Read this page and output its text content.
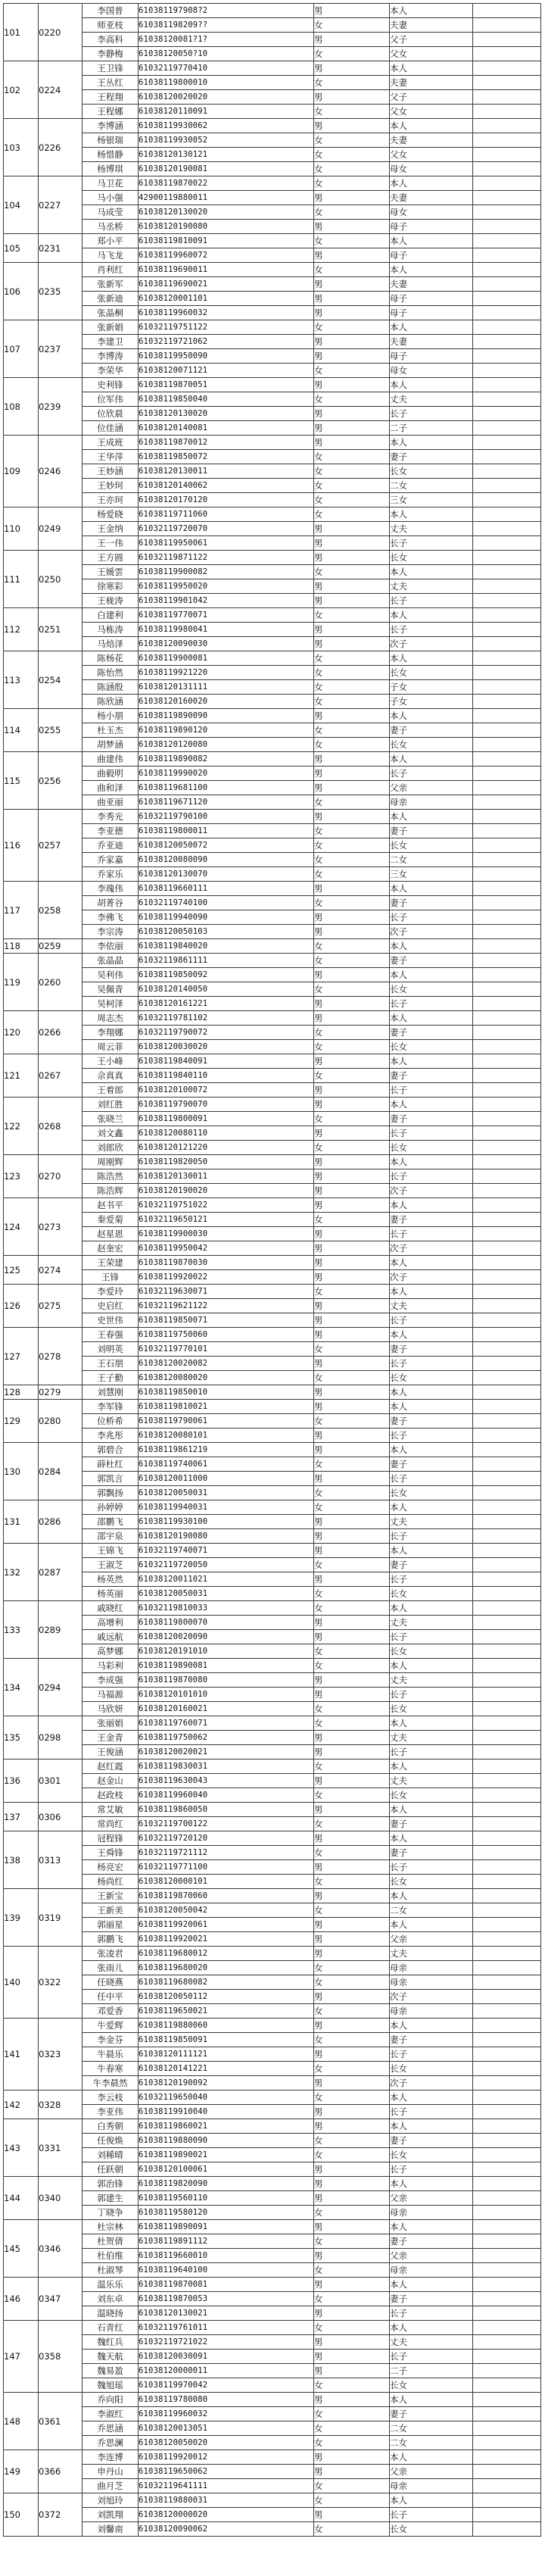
101	0220	李国普	610381197908?2	男	本人	
		师亚枝	610381198209??	女	夫妻	
		李高科	61038120081?1?	男	父子	
		李静梅	61038120050?10	女	父女	
102	0224	王卫锋	61032119770410	男	本人	
		王丛红	61038119800010	女	夫妻	
		王程翔	61038120020020	男	父子	
		王程娜	61038120110091	女	父女	
103	0226	李博涵	61038119930062	男	本人	
		杨银瑞	61038119930052	女	夫妻	
		杨惜静	61038120130121	女	父女	
		杨博琪	61038120190081	女	母女	
104	0227	马卫花	61038119870022	女	本人	
		马小强	42900119880011	男	夫妻	
		马成莹	61038120130020	女	母女	
		马丞桥	61038120190080	男	母子	
105	0231	郑小平	61038119810091	女	本人	
		马飞龙	61038119960072	男	母子	
106	0235	肖利红	61038119690011	女	本人	
		张新军	61038119690021	男	夫妻	
		张新迪	61038120001101	男	母子	
		张晶桐	61038119960032	男	母子	
107	0237	张新娟	61032119751122	女	本人	
		李建卫	61032119721062	男	夫妻	
		李博涛	61038119950090	男	母子	
		李荣华	61038120071121	女	母女	
108	0239	史利锋	61038119870051	男	本人	
		位军伟	61038119850040	女	丈夫	
		位欣晨	61038120130020	男	长子	
		位佳涵	61038120140081	男	二子	
109	0246	王成班	61038119870012	男	本人	
		王华萍	61038119850072	女	妻子	
		王妙涵	61038120130011	女	长女	
		王妙珂	61038120140062	女	二女	
		王亦珂	61038120170120	女	三女	
110	0249	杨爱晓	61038119711060	女	本人	
		王金纳	61032119720070	男	丈夫	
		王一伟	61038119950061	男	长子	
111	0250	王方圆	61032119871122	男	长女	
		王媛雲	61038119900082	女	本人	
		徐寒彩	61038119950020	男	丈夫	
		王栊涛	61038119901042	男	长子	
112	0251	白建利	61038119770071	女	本人	
		马栋涛	61038119980041	男	长子	
		马焙泽	61038120090030	男	次子	
113	0254	陈杨花	61038119900081	女	本人	
		陈怡然	61038119921220	女	长女	
		陈涵殷	61038120131111	女	子女	
		陈欣涵	61038120160020	女	子女	
114	0255	杨小朋	61038119890090	男	本人	
		杜玉杰	61038119890120	女	妻子	
		胡梦涵	61038120120080	女	长女	
115	0256	曲建伟	61038119890082	男	本人	
		曲毅明	61038119990020	男	长子	
		曲和泽	61038119681100	男	父亲	
		曲亚丽	61038119671120	女	母亲	
116	0257	李秀光	61032119790100	男	本人	
		李亚德	61038119800011	女	妻子	
		乔亚迪	61038120050072	女	长女	
		乔家嘉	61038120080090	女	二女	
		乔家乐	61038120130070	女	三女	
117	0258	李瑰伟	61038119660111	男	本人	
		胡菁谷	61032119740100	女	妻子	
		李佛飞	61038119940090	男	长子	
		李宗涛	61038120050103	男	次子	
118	0259	李依丽	61038119840020	女	本人	
119	0260	张晶晶	61032119861111	女	妻子	
		吴利伟	61038119850092	男	本人	
		吴佩青	61038120140050	女	长女	
		吴柯泽	61038120161221	男	长子	
120	0266	周志杰	61032119781102	男	本人	
		李翔娜	61032119790072	女	妻子	
		周云菲	61038120030020	女	长女	
121	0267	王小峰	61038119840091	男	本人	
		佘真真	61038119840110	女	妻子	
		王着郎	61038120100072	男	长子	
122	0268	刘红胜	61038119790070	男	本人	
		张晓兰	61038119800091	女	妻子	
		刘文鑫	61038120080110	男	长子	
		刘郎欣	61038120121220	女	长女	
123	0270	周刚辉	61038119820050	男	本人	
		陈浩然	61038120130011	男	长子	
		陈浩辉	61038120190020	男	次子	
124	0273	赵书平	61032119751022	男	本人	
		秦爱菊	61032119650121	女	妻子	
		赵星恩	61038119900030	男	长子	
		赵奎宏	61038119950042	男	次子	
125	0274	王荣建	61038119870030	男	本人	
		王锋	61038119920022	男	次子	
126	0275	李爱玲	61032119630071	女	本人	
		史启红	61032119621122	男	丈夫	
		史世伟	61038119850071	男	长子	
127	0278	王春强	61038119750060	男	本人	
		刘明英	61032119770101	女	妻子	
		王石朋	61038120020082	男	长子	
		王子勤	61038120080020	女	长女	
128	0279	刘慧刚	61038119850010	男	本人	
129	0280	李军锋	61038119810021	男	本人	
		位桥希	61038119790061	女	妻子	
		李兆彤	61038120080101	男	长子	
130	0284	郭碧合	61038119861219	男	本人	
		薛杜红	61038119740061	女	妻子	
		郭凯言	61038120011000	男	长子	
		郭飘扬	61038120050031	女	长女	
131	0286	孙婷婷	61038119940031	女	本人	
		邵鹏飞	61038119930100	男	丈夫	
		邵宇泉	61038120190080	男	长子	
132	0287	王锦飞	61032119740071	男	本人	
		王淑芝	61032119720050	女	妻子	
		杨英然	61038120011021	男	长子	
		杨英丽	61038120050031	女	长女	
133	0289	戚晓红	61032119810033	女	本人	
		高增利	61038119800070	男	丈夫	
		戚远航	61038120020090	男	长子	
		高梦娜	61038120191010	女	长女	
134	0294	马彩利	61038119890081	女	本人	
		李成强	61038119870080	男	丈夫	
		马福源	61038120101010	男	长子	
		马欣妍	61038120160021	女	长女	
135	0298	张丽娟	61038119760071	女	本人	
		王金青	61038119750062	男	丈夫	
		王俊涵	61038120020021	男	长子	
136	0301	赵红霞	61038119830031	女	本人	
		赵金山	61038119630043	男	丈夫	
		赵政枝	61038119960040	女	长女	
137	0306	常艾敏	61038119860050	男	本人	
		常尚红	61032119700122	女	妻子	
138	0313	冠程锋	61032119720120	男	本人	
		王舜锋	61032119721112	女	妻子	
		杨亮宏	61032119771100	男	长子	
		杨尚红	61038120000101	女	长女	
139	0319	王新宝	61038119870060	男	本人	
		王新美	61038120050042	女	二女	
		郭丽星	61038119920061	男	本人	
		郭鹏飞	61038119920021	男	父亲	
140	0322	张凌君	61038119680012	男	丈夫	
		张雨儿	61038119680020	女	母亲	
		任晓燕	61038119680082	女	母亲	
		任中平	61038120050112	男	次子	
		邓爱香	61038119650021	女	母亲	
141	0323	牛爱辉	61038119880060	男	本人	
		李金芬	61038119850091	女	妻子	
		牛晨乐	61038120111121	男	长子	
		牛春寒	61038120141221	女	长女	
		牛李晨然	61038120190092	男	次子	
142	0328	李云枝	61032119650040	女	本人	
		李亚伟	61038119910040	男	长子	
143	0331	白秀朝	61038119860021	男	本人	
		任俊焕	61038119880090	女	妻子	
		刘稀晴	61038119890021	女	长女	
		任跃朝	61038120100061	男	长子	
144	0340	郭治锋	61038119820090	男	本人	
		郭建生	61038119560110	男	父亲	
		丁晓争	61038119580120	女	母亲	
145	0346	杜宗林	61038119890091	男	本人	
		杜贺倩	61038119891112	女	妻子	
		杜伯维	61038119660010	男	父亲	
		杜淑琴	61038119640100	女	母亲	
146	0347	温乐乐	61038119870081	男	本人	
		刘东卓	61038119870053	女	妻子	
		温晓扬	61038120130021	男	长子	
147	0358	石青红	61032119761011	女	本人	
		魏红兵	61032119721022	男	丈夫	
		魏天航	61038120030091	男	长子	
		魏易盈	61038120000011	男	二子	
		魏旭瑶	61038119970042	女	长女	
148	0361	乔向阳	61038119780080	男	本人	
		李淑红	61038119960032	女	妻子	
		乔思涵	61038120013051	女	二女	
		乔思澜	61038120050020	女	二女	
149	0366	李连博	61038119920012	男	本人	
		申丹山	61038119650062	男	父亲	
		曲月芝	61032119641111	女	母亲	
150	0372	刘旭玲	61038119880031	女	本人	
		刘凯翔	61038120000020	男	长子	
		刘馨南	61038120090062	女	长女	
